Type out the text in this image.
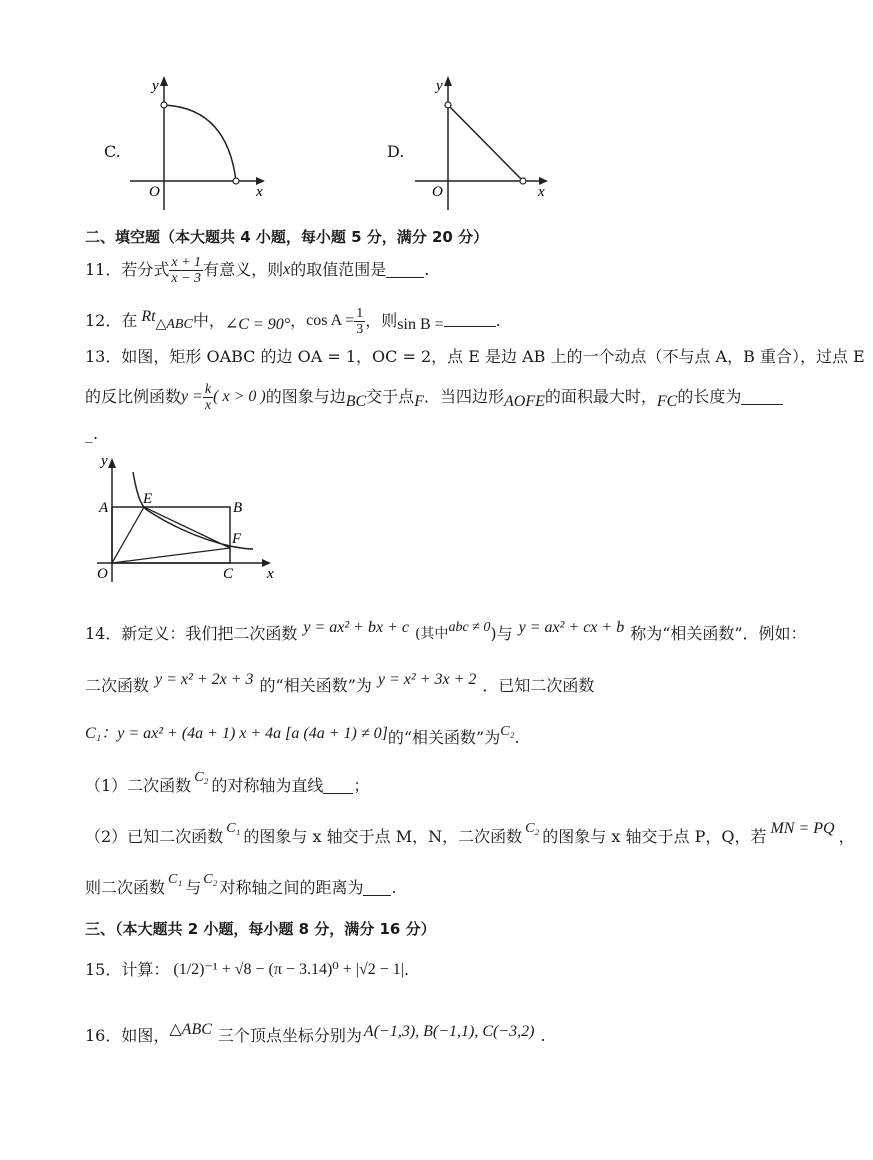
C.
y
x
O
D.
y
x
O
二、填空题（本大题共 4 小题，每小题 5 分，满分 20 分）
11． 若分式 $\frac{x + 1}{x - 3}$ 有意义，则 x 的取值范围是 .
12． 在 Rt △ABC 中， ∠C = 90° ， $\cos A = \frac{1}{3}$ ，则 sin B =	.
13．如图，矩形 OABC 的边 OA = 1，OC = 2，点 E 是边 AB 上的一个动点（不与点 A，B 重合），过点 E
的反比例函数 $y = \frac{k}{x}$ ( x > 0 ) 的图象与边 BC 交于点 F ．当四边形 AOFE 的面积最大时， FC 的长度为
_.
y
x
A	B
E
F
O	C
14．新定义：我们把二次函数 y = ax² + bx + c (其中 abc ≠ 0 )与 y = ax² + cx + b 称为“相关函数”．例如：
二次函数 y = x² + 2x + 3 的“相关函数”为 y = x² + 3x + 2 ．已知二次函数
C₁：y = ax² + (4a + 1) x + 4a [a (4a + 1) ≠ 0] 的“相关函数”为 C₂ .
（1）二次函数 C₂ 的对称轴为直线 ；
（2）已知二次函数 C₁ 的图象与 x 轴交于点 M，N，二次函数 C₂ 的图象与 x 轴交于点 P，Q，若 MN = PQ ，
则二次函数 C₁ 与 C₂ 对称轴之间的距离为 .
三、（本大题共 2 小题，每小题 8 分，满分 16 分）
15．计算： (1/2)⁻¹ + √8 − (π − 3.14)⁰ + |√2 − 1| .
16．如图， △ABC 三个顶点坐标分别为 A(−1,3), B(−1,1), C(−3,2) .
